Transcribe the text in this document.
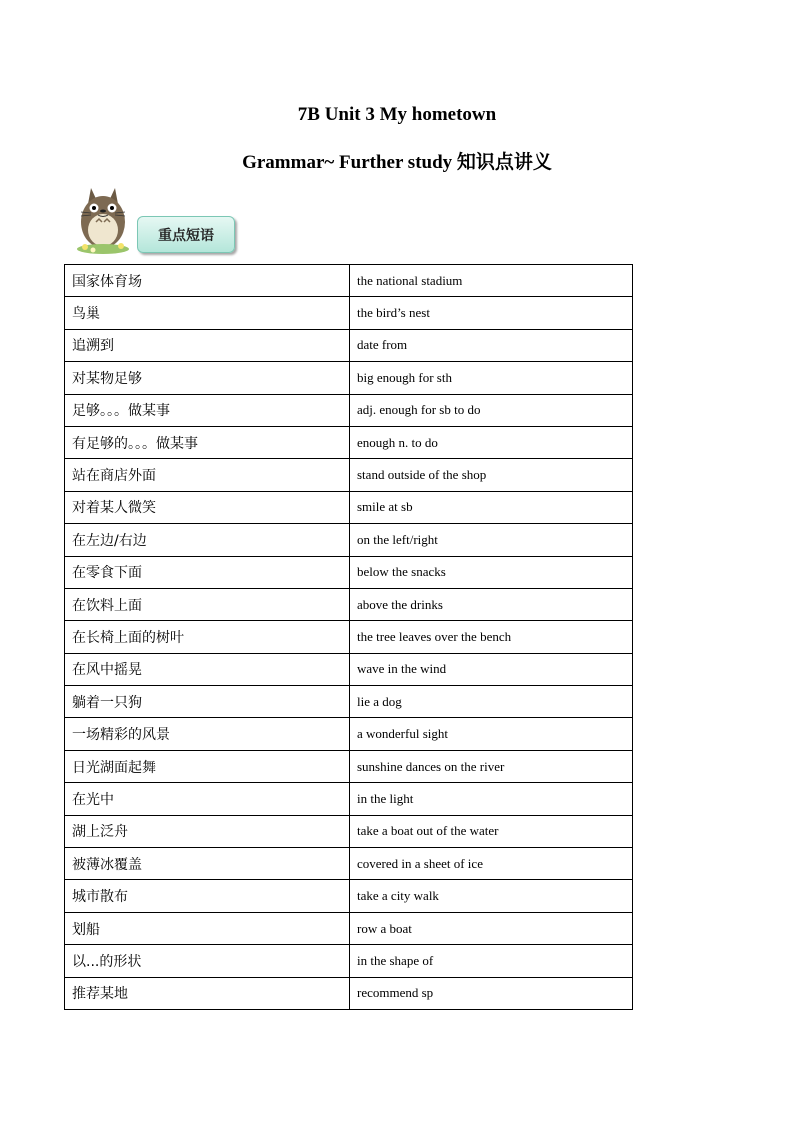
7B Unit 3 My hometown
Grammar~ Further study 知识点讲义
重点短语
国家体育场	the national stadium
鸟巢	the bird’s nest
追溯到	date from
对某物足够	big enough for sth
足够。。。做某事	adj. enough for sb to do
有足够的。。。做某事	enough n. to do
站在商店外面	stand outside of the shop
对着某人微笑	smile at sb
在左边/右边	on the left/right
在零食下面	below the snacks
在饮料上面	above the drinks
在长椅上面的树叶	the tree leaves over the bench
在风中摇晃	wave in the wind
躺着一只狗	lie a dog
一场精彩的风景	a wonderful sight
日光湖面起舞	sunshine dances on the river
在光中	in the light
湖上泛舟	take a boat out of the water
被薄冰覆盖	covered in a sheet of ice
城市散布	take a city walk
划船	row a boat
以...的形状	in the shape of
推荐某地	recommend sp
